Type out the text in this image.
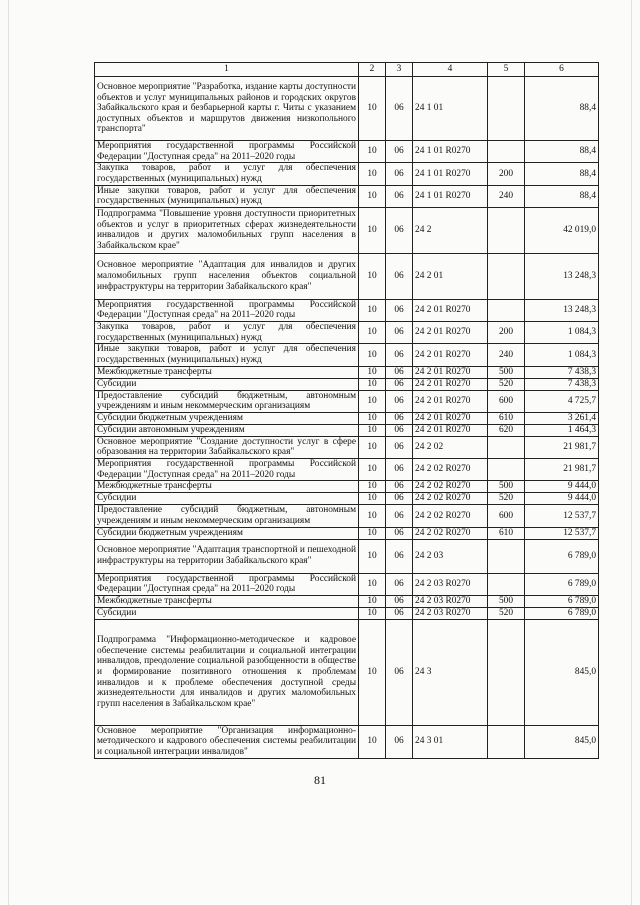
1	2	3	4	5	6
Основное мероприятие "Разработка, издание карты доступности объектов и услуг муниципальных районов и городских округов Забайкальского края и безбарьерной карты г. Читы с указанием доступных объектов и маршрутов движения низкопольного транспорта"	10	06	24 1 01		88,4
Мероприятия государственной программы Российской Федерации "Доступная среда" на 2011–2020 годы	10	06	24 1 01 R0270		88,4
Закупка товаров, работ и услуг для обеспечения государственных (муниципальных) нужд	10	06	24 1 01 R0270	200	88,4
Иные закупки товаров, работ и услуг для обеспечения государственных (муниципальных) нужд	10	06	24 1 01 R0270	240	88,4
Подпрограмма "Повышение уровня доступности приоритетных объектов и услуг в приоритетных сферах жизнедеятельности инвалидов и других маломобильных групп населения в Забайкальском крае"	10	06	24 2		42 019,0
Основное мероприятие "Адаптация для инвалидов и других маломобильных групп населения объектов социальной инфраструктуры на территории Забайкальского края"	10	06	24 2 01		13 248,3
Мероприятия государственной программы Российской Федерации "Доступная среда" на 2011–2020 годы	10	06	24 2 01 R0270		13 248,3
Закупка товаров, работ и услуг для обеспечения государственных (муниципальных) нужд	10	06	24 2 01 R0270	200	1 084,3
Иные закупки товаров, работ и услуг для обеспечения государственных (муниципальных) нужд	10	06	24 2 01 R0270	240	1 084,3
Межбюджетные трансферты	10	06	24 2 01 R0270	500	7 438,3
Субсидии	10	06	24 2 01 R0270	520	7 438,3
Предоставление субсидий бюджетным, автономным учреждениям и иным некоммерческим организациям	10	06	24 2 01 R0270	600	4 725,7
Субсидии бюджетным учреждениям	10	06	24 2 01 R0270	610	3 261,4
Субсидии автономным учреждениям	10	06	24 2 01 R0270	620	1 464,3
Основное мероприятие "Создание доступности услуг в сфере образования на территории Забайкальского края"	10	06	24 2 02		21 981,7
Мероприятия государственной программы Российской Федерации "Доступная среда" на 2011–2020 годы	10	06	24 2 02 R0270		21 981,7
Межбюджетные трансферты	10	06	24 2 02 R0270	500	9 444,0
Субсидии	10	06	24 2 02 R0270	520	9 444,0
Предоставление субсидий бюджетным, автономным учреждениям и иным некоммерческим организациям	10	06	24 2 02 R0270	600	12 537,7
Субсидии бюджетным учреждениям	10	06	24 2 02 R0270	610	12 537,7
Основное мероприятие "Адаптация транспортной и пешеходной инфраструктуры на территории Забайкальского края"	10	06	24 2 03		6 789,0
Мероприятия государственной программы Российской Федерации "Доступная среда" на 2011–2020 годы	10	06	24 2 03 R0270		6 789,0
Межбюджетные трансферты	10	06	24 2 03 R0270	500	6 789,0
Субсидии	10	06	24 2 03 R0270	520	6 789,0
Подпрограмма "Информационно-методическое и кадровое обеспечение системы реабилитации и социальной интеграции инвалидов, преодоление социальной разобщенности в обществе и формирование позитивного отношения к проблемам инвалидов и к проблеме обеспечения доступной среды жизнедеятельности для инвалидов и других маломобильных групп населения в Забайкальском крае"	10	06	24 3		845,0
Основное мероприятие "Организация информационно-методического и кадрового обеспечения системы реабилитации и социальной интеграции инвалидов"	10	06	24 3 01		845,0
81
